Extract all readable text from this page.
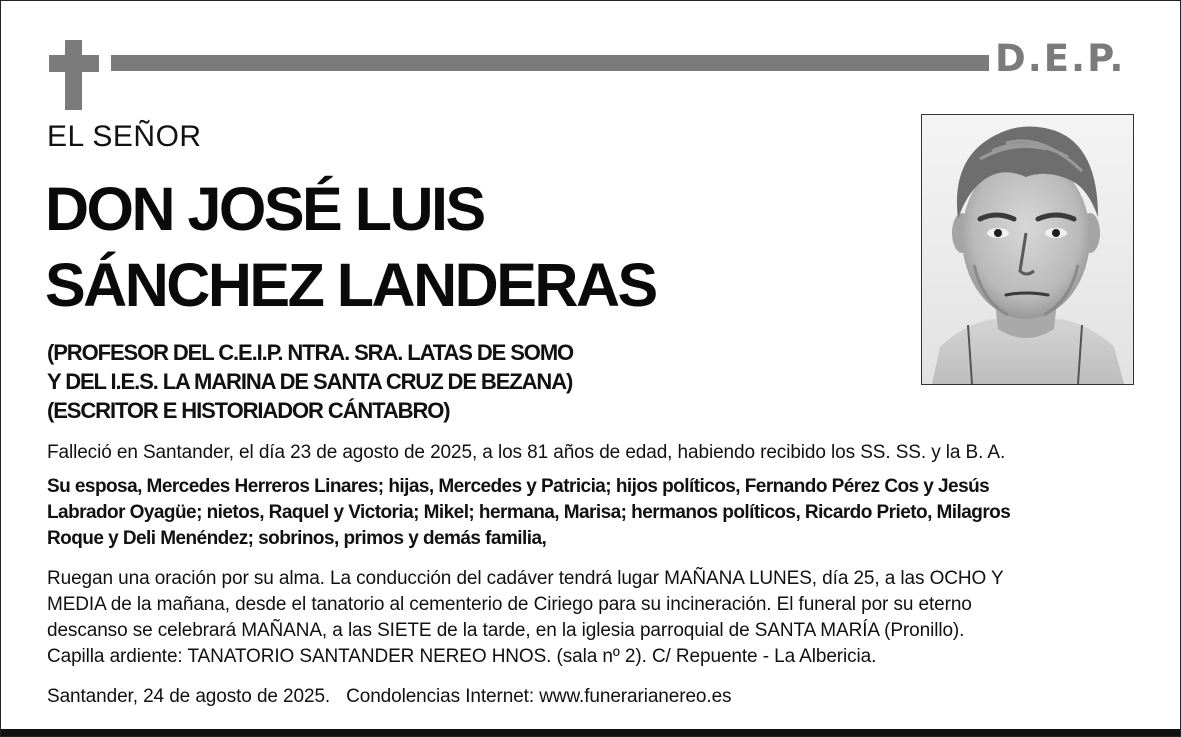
D.E.P.
EL SEÑOR
DON JOSÉ LUIS
SÁNCHEZ LANDERAS
(PROFESOR DEL C.E.I.P. NTRA. SRA. LATAS DE SOMO
Y DEL I.E.S. LA MARINA DE SANTA CRUZ DE BEZANA)
(ESCRITOR E HISTORIADOR CÁNTABRO)
Falleció en Santander, el día 23 de agosto de 2025, a los 81 años de edad, habiendo recibido los SS. SS. y la B. A.
Su esposa, Mercedes Herreros Linares; hijas, Mercedes y Patricia; hijos políticos, Fernando Pérez Cos y Jesús
Labrador Oyagüe; nietos, Raquel y Victoria; Mikel; hermana, Marisa; hermanos políticos, Ricardo Prieto, Milagros
Roque y Deli Menéndez; sobrinos, primos y demás familia,
Ruegan una oración por su alma. La conducción del cadáver tendrá lugar MAÑANA LUNES, día 25, a las OCHO Y
MEDIA de la mañana, desde el tanatorio al cementerio de Ciriego para su incineración. El funeral por su eterno
descanso se celebrará MAÑANA, a las SIETE de la tarde, en la iglesia parroquial de SANTA MARÍA (Pronillo).
Capilla ardiente: TANATORIO SANTANDER NEREO HNOS. (sala nº 2). C/ Repuente - La Albericia.
Santander, 24 de agosto de 2025. Condolencias Internet: www.funerarianereo.es
